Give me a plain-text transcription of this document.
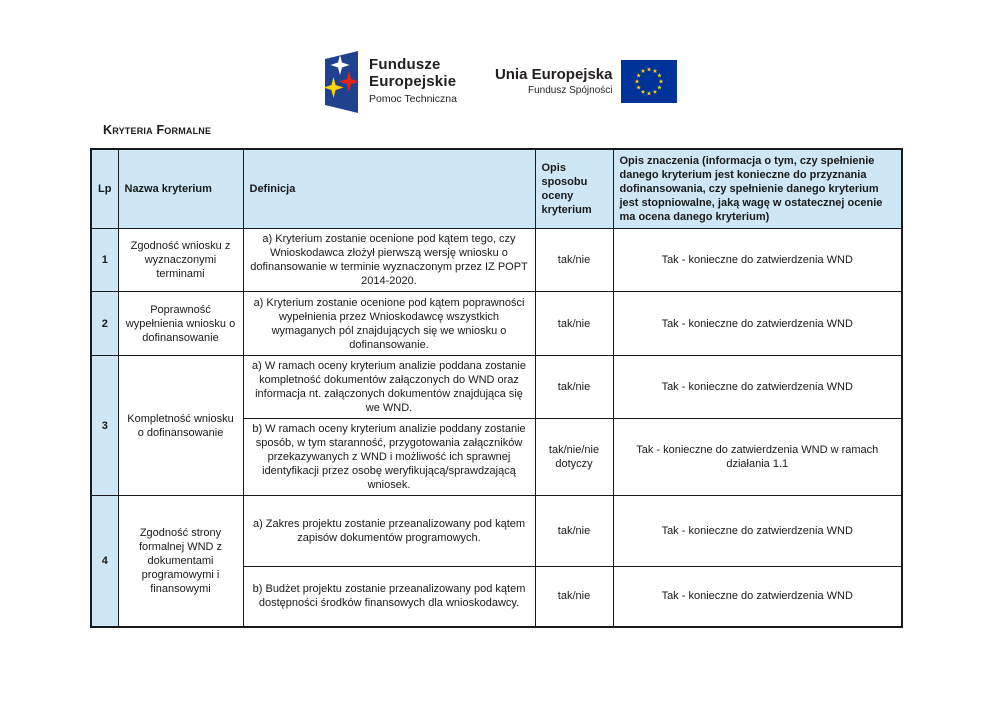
Fundusze
Europejskie
Pomoc Techniczna
Unia Europejska
Fundusz Spójności
Kryteria Formalne
Lp	Nazwa kryterium	Definicja	Opis sposobu oceny kryterium	Opis znaczenia (informacja o tym, czy spełnienie danego kryterium jest konieczne do przyznania dofinansowania, czy spełnienie danego kryterium jest stopniowalne, jaką wagę w ostatecznej ocenie ma ocena danego kryterium)
1	Zgodność wniosku z wyznaczonymi terminami	a) Kryterium zostanie ocenione pod kątem tego, czy Wnioskodawca złożył pierwszą wersję wniosku o dofinansowanie w terminie wyznaczonym przez IZ POPT 2014-2020.	tak/nie	Tak - konieczne do zatwierdzenia WND
2	Poprawność wypełnienia wniosku o dofinansowanie	a) Kryterium zostanie ocenione pod kątem poprawności wypełnienia przez Wnioskodawcę wszystkich wymaganych pól znajdujących się we wniosku o dofinansowanie.	tak/nie	Tak - konieczne do zatwierdzenia WND
3	Kompletność wniosku o dofinansowanie	a) W ramach oceny kryterium analizie poddana zostanie kompletność dokumentów załączonych do WND oraz informacja nt. załączonych dokumentów znajdująca się we WND.	tak/nie	Tak - konieczne do zatwierdzenia WND
		b) W ramach oceny kryterium analizie poddany zostanie sposób, w tym staranność, przygotowania załączników przekazywanych z WND i możliwość ich sprawnej identyfikacji przez osobę weryfikującą/sprawdzającą wniosek.	tak/nie/nie dotyczy	Tak - konieczne do zatwierdzenia WND w ramach działania 1.1
4	Zgodność strony formalnej WND z dokumentami programowymi i finansowymi	a) Zakres projektu zostanie przeanalizowany pod kątem zapisów dokumentów programowych.	tak/nie	Tak - konieczne do zatwierdzenia WND
		b) Budżet projektu zostanie przeanalizowany pod kątem dostępności środków finansowych dla wnioskodawcy.	tak/nie	Tak - konieczne do zatwierdzenia WND
